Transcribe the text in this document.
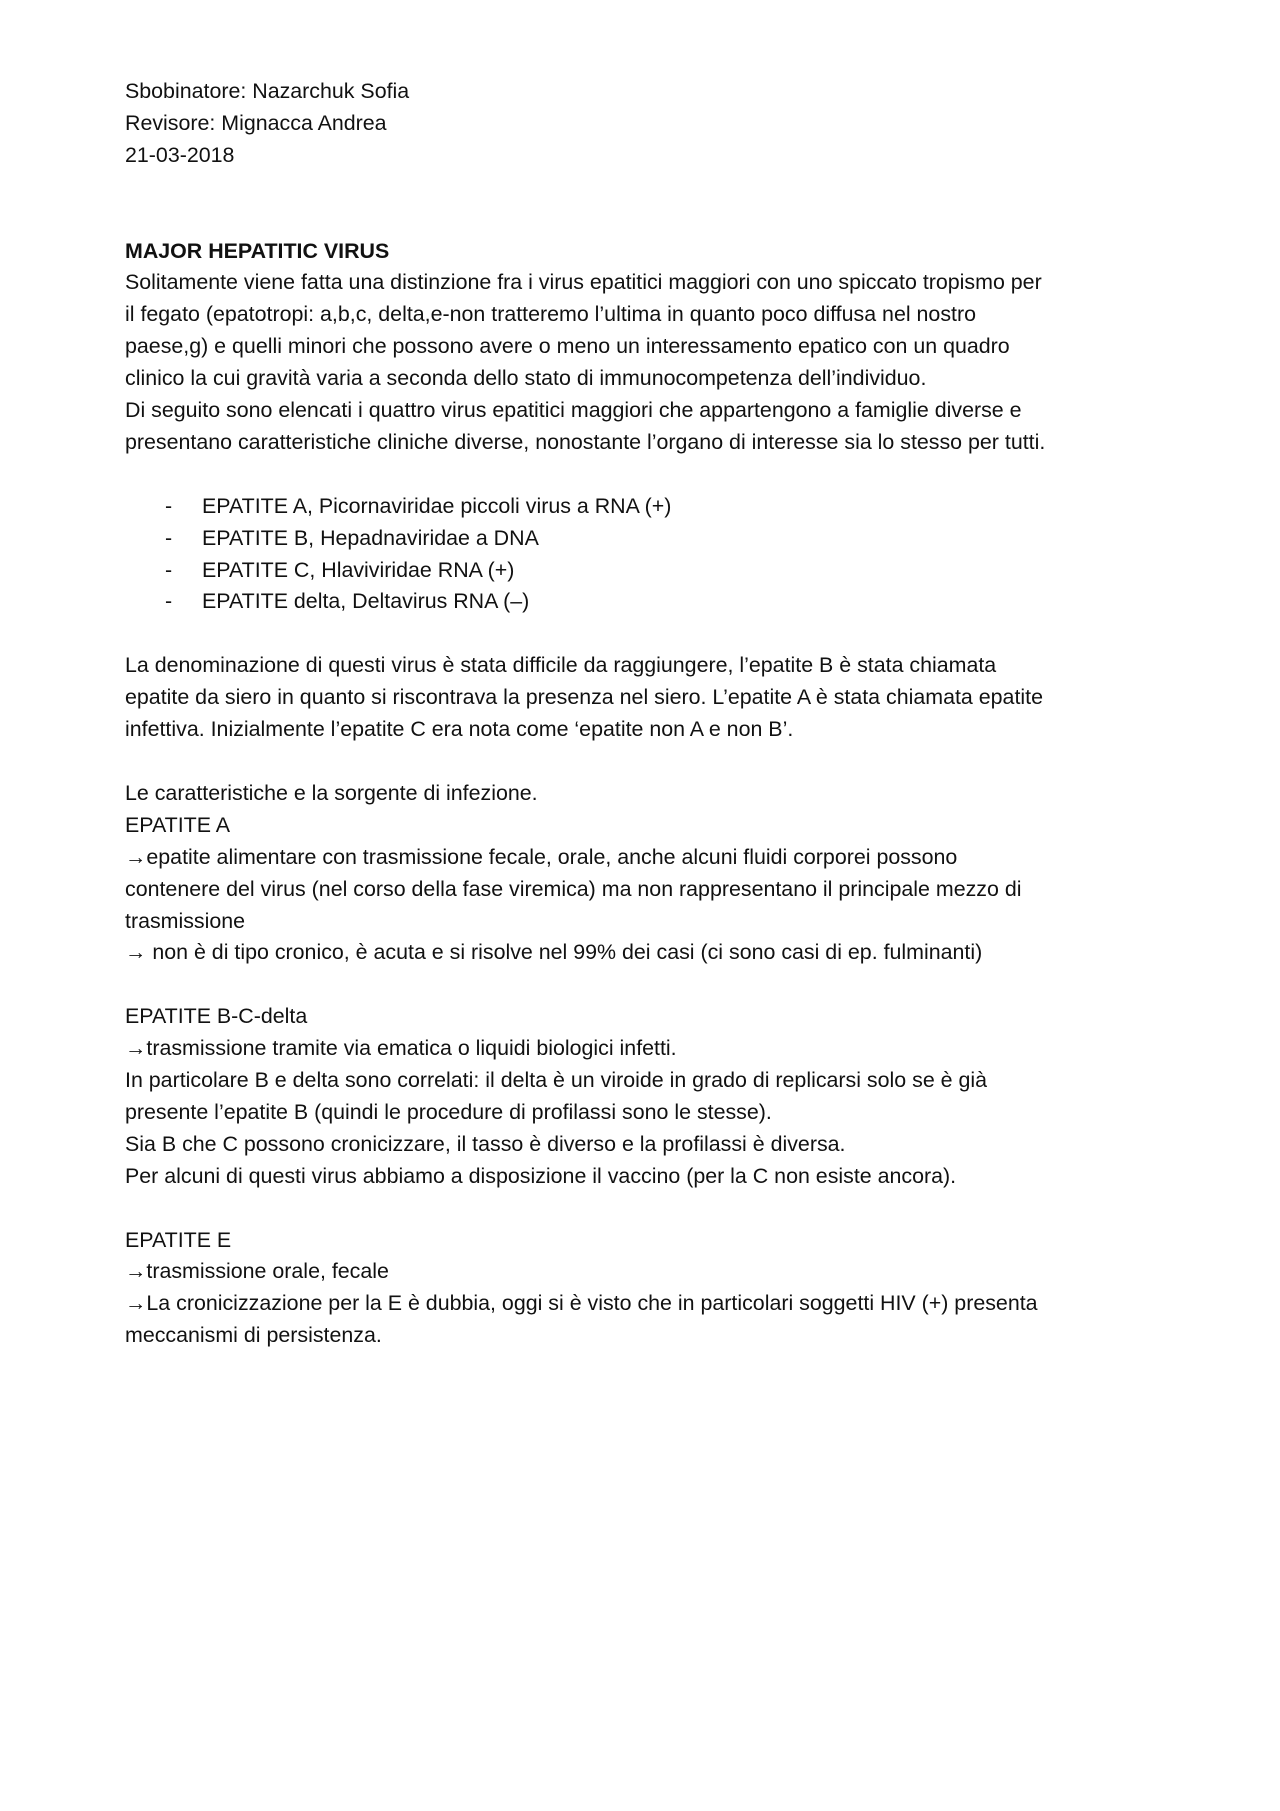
Sbobinatore: Nazarchuk Sofia

Revisore: Mignacca Andrea

21-03-2018

MAJOR HEPATITIC VIRUS

Solitamente viene fatta una distinzione fra i virus epatitici maggiori con uno spiccato tropismo per

il fegato (epatotropi: a,b,c, delta,e-non tratteremo l’ultima in quanto poco diffusa nel nostro

paese,g) e quelli minori che possono avere o meno un interessamento epatico con un quadro

clinico la cui gravità varia a seconda dello stato di immunocompetenza dell’individuo.

Di seguito sono elencati i quattro virus epatitici maggiori che appartengono a famiglie diverse e

presentano caratteristiche cliniche diverse, nonostante l’organo di interesse sia lo stesso per tutti.

-	EPATITE A, Picornaviridae piccoli virus a RNA (+)
-	EPATITE B, Hepadnaviridae a DNA
-	EPATITE C, Hlaviviridae RNA (+)
-	EPATITE delta, Deltavirus RNA (–)

La denominazione di questi virus è stata difficile da raggiungere, l’epatite B è stata chiamata

epatite da siero in quanto si riscontrava la presenza nel siero. L’epatite A è stata chiamata epatite

infettiva. Inizialmente l’epatite C era nota come ‘epatite non A e non B’.

Le caratteristiche e la sorgente di infezione.

EPATITE A

→epatite alimentare con trasmissione fecale, orale, anche alcuni fluidi corporei possono

contenere del virus (nel corso della fase viremica) ma non rappresentano il principale mezzo di

trasmissione

→ non è di tipo cronico, è acuta e si risolve nel 99% dei casi (ci sono casi di ep. fulminanti)

EPATITE B-C-delta

→trasmissione tramite via ematica o liquidi biologici infetti.

In particolare B e delta sono correlati: il delta è un viroide in grado di replicarsi solo se è già

presente l’epatite B (quindi le procedure di profilassi sono le stesse).

Sia B che C possono cronicizzare, il tasso è diverso e la profilassi è diversa.

Per alcuni di questi virus abbiamo a disposizione il vaccino (per la C non esiste ancora).

EPATITE E

→trasmissione orale, fecale

→La cronicizzazione per la E è dubbia, oggi si è visto che in particolari soggetti HIV (+) presenta

meccanismi di persistenza.
